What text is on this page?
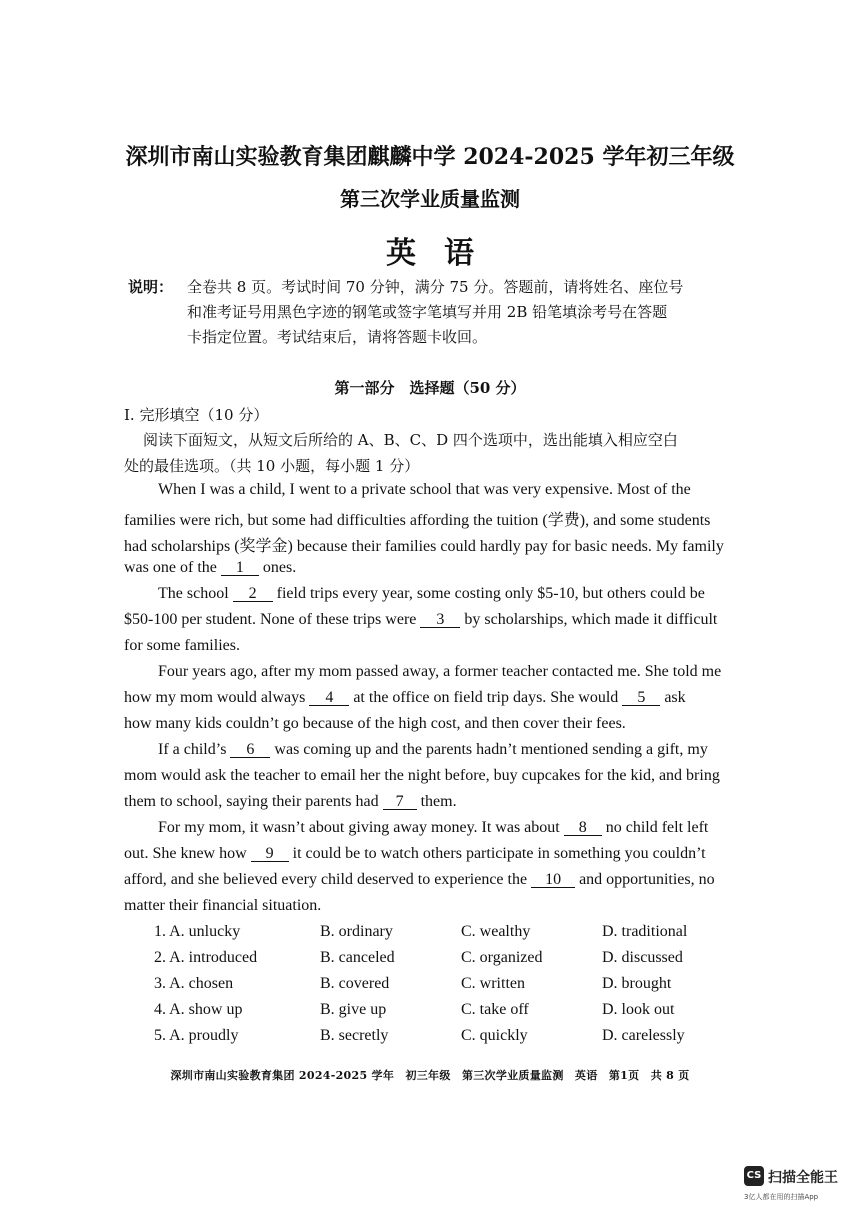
深圳市南山实验教育集团麒麟中学 2024-2025 学年初三年级
第三次学业质量监测
英语
说明： 全卷共 8 页。考试时间 70 分钟，满分 75 分。答题前，请将姓名、座位号
和准考证号用黑色字迹的钢笔或签字笔填写并用 2B 铅笔填涂考号在答题
卡指定位置。考试结束后，请将答题卡收回。
第一部分　选择题（50 分）
I. 完形填空（10 分）
阅读下面短文，从短文后所给的 A、B、C、D 四个选项中，选出能填入相应空白
处的最佳选项。（共 10 小题，每小题 1 分）
When I was a child, I went to a private school that was very expensive. Most of the
families were rich, but some had difficulties affording the tuition (学费), and some students
had scholarships (奖学金) because their families could hardly pay for basic needs. My family
was one of the 1 ones.
The school 2 field trips every year, some costing only $5-10, but others could be
$50-100 per student. None of these trips were 3 by scholarships, which made it difficult
for some families.
Four years ago, after my mom passed away, a former teacher contacted me. She told me
how my mom would always 4 at the office on field trip days. She would 5 ask
how many kids couldn’t go because of the high cost, and then cover their fees.
If a child’s 6 was coming up and the parents hadn’t mentioned sending a gift, my
mom would ask the teacher to email her the night before, buy cupcakes for the kid, and bring
them to school, saying their parents had 7 them.
For my mom, it wasn’t about giving away money. It was about 8 no child felt left
out. She knew how 9 it could be to watch others participate in something you couldn’t
afford, and she believed every child deserved to experience the 10 and opportunities, no
matter their financial situation.
1. A. unlucky	B. ordinary	C. wealthy	D. traditional
2. A. introduced	B. canceled	C. organized	D. discussed
3. A. chosen	B. covered	C. written	D. brought
4. A. show up	B. give up	C. take off	D. look out
5. A. proudly	B. secretly	C. quickly	D. carelessly
深圳市南山实验教育集团 2024-2025 学年　初三年级　第三次学业质量监测　英语　第1页　共 8 页
CS 扫描全能王
3亿人都在用的扫描App
